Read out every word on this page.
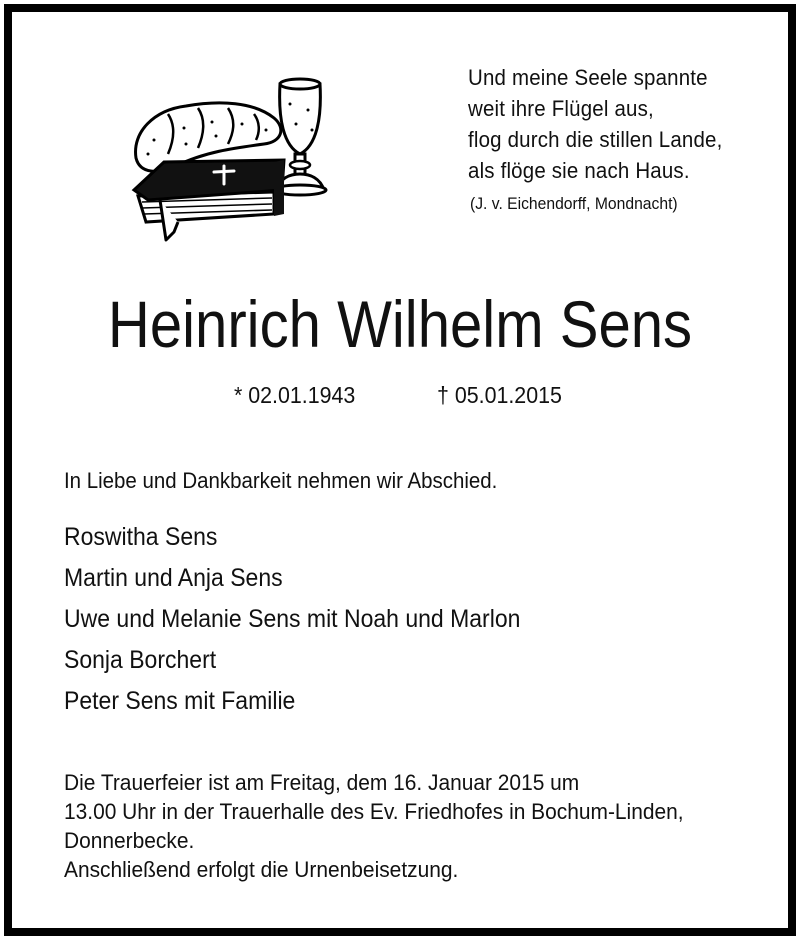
Und meine Seele spannte
weit ihre Flügel aus,
flog durch die stillen Lande,
als flöge sie nach Haus.
(J. v. Eichendorff, Mondnacht)
Heinrich Wilhelm Sens
* 02.01.1943	† 05.01.2015
In Liebe und Dankbarkeit nehmen wir Abschied.
Roswitha Sens
Martin und Anja Sens
Uwe und Melanie Sens mit Noah und Marlon
Sonja Borchert
Peter Sens mit Familie
Die Trauerfeier ist am Freitag, dem 16. Januar 2015 um
13.00 Uhr in der Trauerhalle des Ev. Friedhofes in Bochum-Linden,
Donnerbecke.
Anschließend erfolgt die Urnenbeisetzung.
